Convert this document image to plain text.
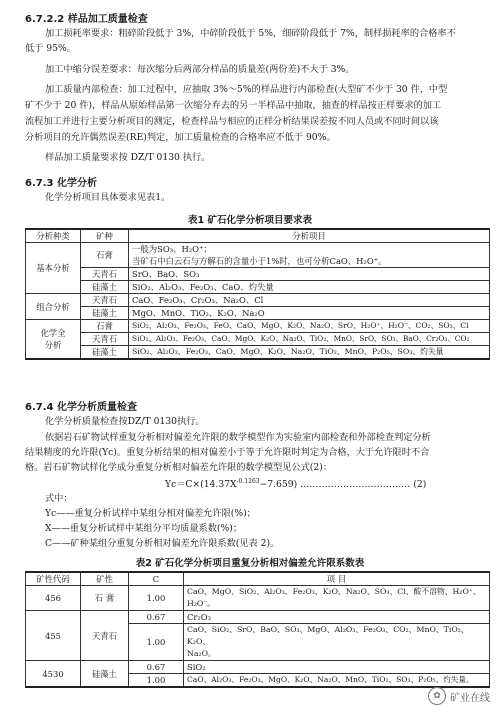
6.7.2.2 样品加工质量检查
加工损耗率要求：粗碎阶段低于 3%，中碎阶段低于 5%，细碎阶段低于 7%，制样损耗率的合格率不
低于 95%。
加工中缩分误差要求：每次缩分后两部分样品的质量差(两份差)不大于 3%。
加工质量内部检查：加工过程中，应抽取 3%～5%的样品进行内部检查(大型矿不少于 30 件，中型
矿不少于 20 件)，样品从原始样品第一次缩分弃去的另一半样品中抽取，抽查的样品按正样要求的加工
流程加工并进行主要分析项目的测定，检查样品与相应的正样分析结果误差按不同人员或不同时间以该
分析项目的允许偶然误差(RE)判定，加工质量检查的合格率应不低于 90%。
样品加工质量要求按 DZ/T 0130 执行。
6.7.3 化学分析
化学分析项目具体要求见表1。
表1 矿石化学分析项目要求表
分析种类	矿种	分析项目
基本分析	石膏	一般为SO₃、H₂O⁺；
当矿石中白云石与方解石的含量小于1%时，也可分析CaO、H₂O⁺。

	天青石	SrO、BaO、SO₃
	硅藻土	SiO₂、Al₂O₃、Fe₂O₃、CaO、灼失量
组合分析	天青石	CaO、Fe₂O₃、Cr₂O₃、Na₂O、Cl
	硅藻土	MgO、MnO、TiO₂、K₂O、Na₂O

化学全
分析	石膏	SiO₂、Al₂O₃、Fe₂O₃、FeO、CaO、MgO、K₂O、Na₂O、SrO、H₂O⁺、H₂O⁻、CO₂、SO₃、Cl
	天青石	SiO₂、Al₂O₃、Fe₂O₃、CaO、MgO、K₂O、Na₂O、TiO₂、MnO、SrO、SO₃、BaO、Cr₂O₃、CO₂
	硅藻土	SiO₂、Al₂O₃、Fe₂O₃、CaO、MgO、K₂O、Na₂O、TiO₂、MnO、P₂O₅、SO₃、灼失量
6.7.4 化学分析质量检查
化学分析质量检查按DZ/T 0130执行。
依据岩石矿物试样重复分析相对偏差允许限的数学模型作为实验室内部检查和外部检查判定分析
结果精度的允许限(Yc)。重复分析结果的相对偏差小于等于允许限时判定为合格，大于允许限时不合
格。岩石矿物试样化学成分重复分析相对偏差允许限的数学模型见公式(2)：
$Yc=C\times(14.37X^{-0.1263}-7.659)$ ……………………………… (2)
式中：
Yc——重复分析试样中某组分相对偏差允许限(%)；
X——重复分析试样中某组分平均质量系数(%)；
C——矿种某组分重复分析相对偏差允许限系数(见表 2)。
表2 矿石化学分析项目重复分析相对偏差允许限系数表
矿性代码	矿性	C	项 目
456	石 膏	1.00	CaO、MgO、SiO₂、Al₂O₃、Fe₂O₃、K₂O、Na₂O、SO₃、Cl、酸不溶物、H₂O⁺、
H₂O⁻。

455	天青石	0.67	Cr₂O₃
		1.00	CaO、SiO₂、SrO、BaO、SO₃、MgO、Al₂O₃、Fe₂O₃、CO₂、MnO、TiO₂、K₂O、
Na₂O。

4530	硅藻土	0.67	SiO₂
		1.00	CaO、Al₂O₃、Fe₂O₃、MgO、K₂O、Na₂O、MnO、TiO₂、SO₃、P₂O₅、灼失量。
✿ 矿业在线
